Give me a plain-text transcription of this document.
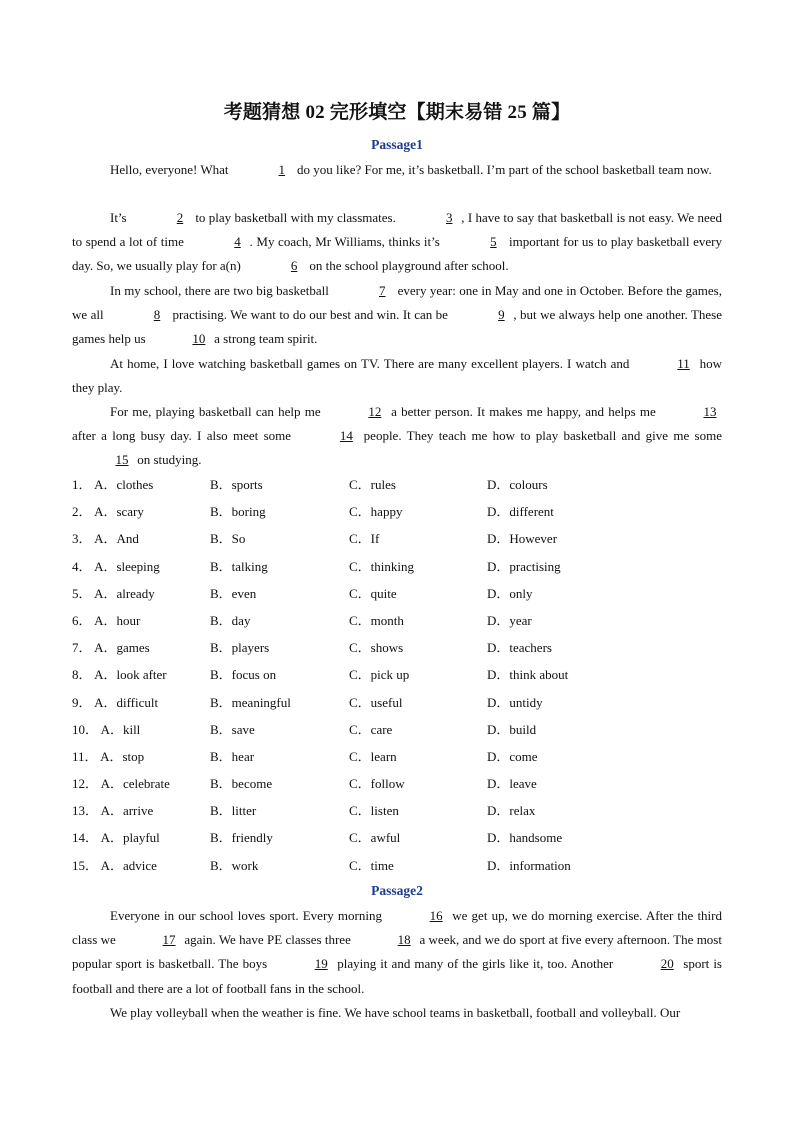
考题猜想 02 完形填空【期末易错 25 篇】
Passage1
Hello, everyone! What	1 do you like? For me, it’s basketball. I’m part of the school basketball team now.
It’s	2 to play basketball with my classmates.	3 , I have to say that basketball is not easy. We need to spend a lot of time	4 . My coach, Mr Williams, thinks it’s	5 important for us to play basketball every day. So, we usually play for a(n)	6 on the school playground after school.
In my school, there are two big basketball	7 every year: one in May and one in October. Before the games, we all	8 practising. We want to do our best and win. It can be	9 , but we always help one another. These games help us	10 a strong team spirit.
At home, I love watching basketball games on TV. There are many excellent players. I watch and	11 how they play.
For me, playing basketball can help me	12 a better person. It makes me happy, and helps me	13 after a long busy day. I also meet some	14 people. They teach me how to play basketball and give me some 15 on studying.
1． A．clothes	B．sports	C．rules	D．colours
2． A．scary	B．boring	C．happy	D．different
3． A．And	B．So	C．If	D．However
4． A．sleeping	B．talking	C．thinking	D．practising
5． A．already	B．even	C．quite	D．only
6． A．hour	B．day	C．month	D．year
7． A．games	B．players	C．shows	D．teachers
8． A．look after	B．focus on	C．pick up	D．think about
9． A．difficult	B．meaningful	C．useful	D．untidy
10． A．kill	B．save	C．care	D．build
11． A．stop	B．hear	C．learn	D．come
12． A．celebrate	B．become	C．follow	D．leave
13． A．arrive	B．litter	C．listen	D．relax
14． A．playful	B．friendly	C．awful	D．handsome
15． A．advice	B．work	C．time	D．information
Passage2
Everyone in our school loves sport. Every morning	16 we get up, we do morning exercise. After the third class we	17 again. We have PE classes three	18 a week, and we do sport at five every afternoon. The most popular sport is basketball. The boys	19 playing it and many of the girls like it, too. Another	20 sport is football and there are a lot of football fans in the school.
We play volleyball when the weather is fine. We have school teams in basketball, football and volleyball. Our
